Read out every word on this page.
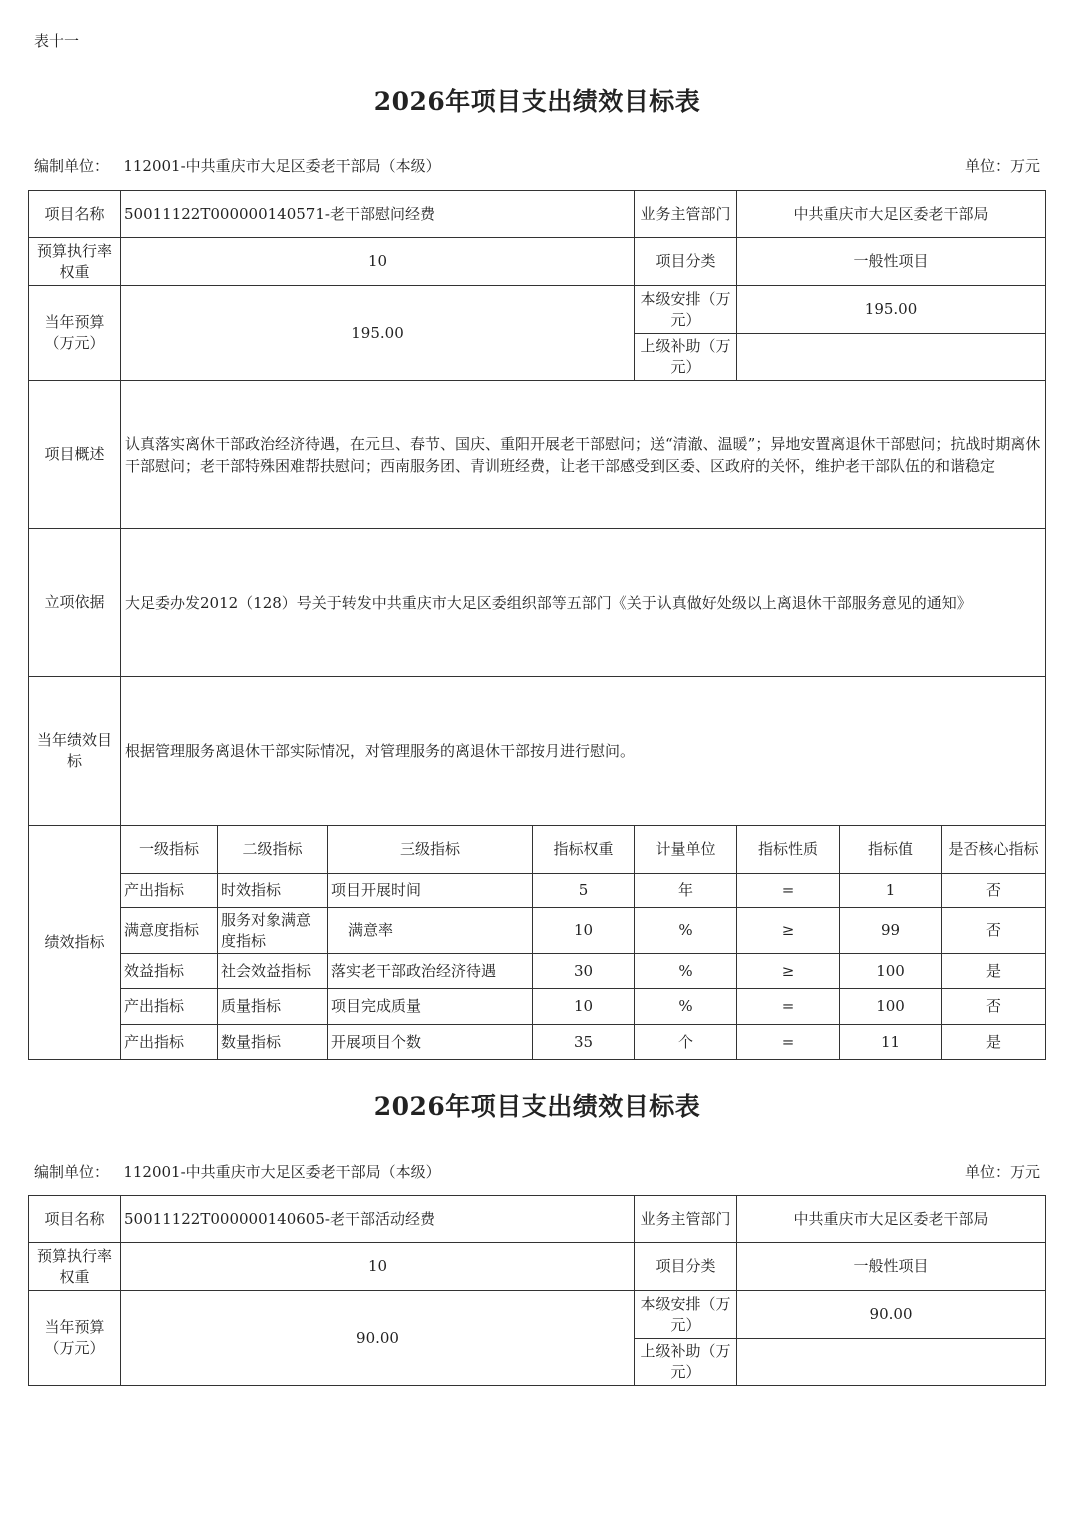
表十一
2026年项目支出绩效目标表
编制单位： 112001-中共重庆市大足区委老干部局（本级）	单位：万元
项目名称	50011122T000000140571-老干部慰问经费				业务主管部门	中共重庆市大足区委老干部局		
预算执行率权重	10				项目分类	一般性项目		
当年预算（万元）	195.00				本级安排（万元）	195.00		
					上级补助（万元）			
项目概述	认真落实离休干部政治经济待遇，在元旦、春节、国庆、重阳开展老干部慰问；送“清澈、温暖”；异地安置离退休干部慰问；抗战时期离休干部慰问；老干部特殊困难帮扶慰问；西南服务团、青训班经费，让老干部感受到区委、区政府的关怀，维护老干部队伍的和谐稳定							
立项依据	大足委办发2012（128）号关于转发中共重庆市大足区委组织部等五部门《关于认真做好处级以上离退休干部服务意见的通知》							
当年绩效目标	根据管理服务离退休干部实际情况，对管理服务的离退休干部按月进行慰问。							
绩效指标	一级指标	二级指标	三级指标	指标权重	计量单位	指标性质	指标值	是否核心指标
	产出指标	时效指标	项目开展时间	5	年	=	1	否
	满意度指标	服务对象满意度指标	满意率	10	%	≥	99	否
	效益指标	社会效益指标	落实老干部政治经济待遇	30	%	≥	100	是
	产出指标	质量指标	项目完成质量	10	%	=	100	否
	产出指标	数量指标	开展项目个数	35	个	=	11	是
2026年项目支出绩效目标表
编制单位： 112001-中共重庆市大足区委老干部局（本级）	单位：万元
项目名称	50011122T000000140605-老干部活动经费	业务主管部门	中共重庆市大足区委老干部局
预算执行率权重	10	项目分类	一般性项目
当年预算（万元）	90.00	本级安排（万元）	90.00
		上级补助（万元）	
